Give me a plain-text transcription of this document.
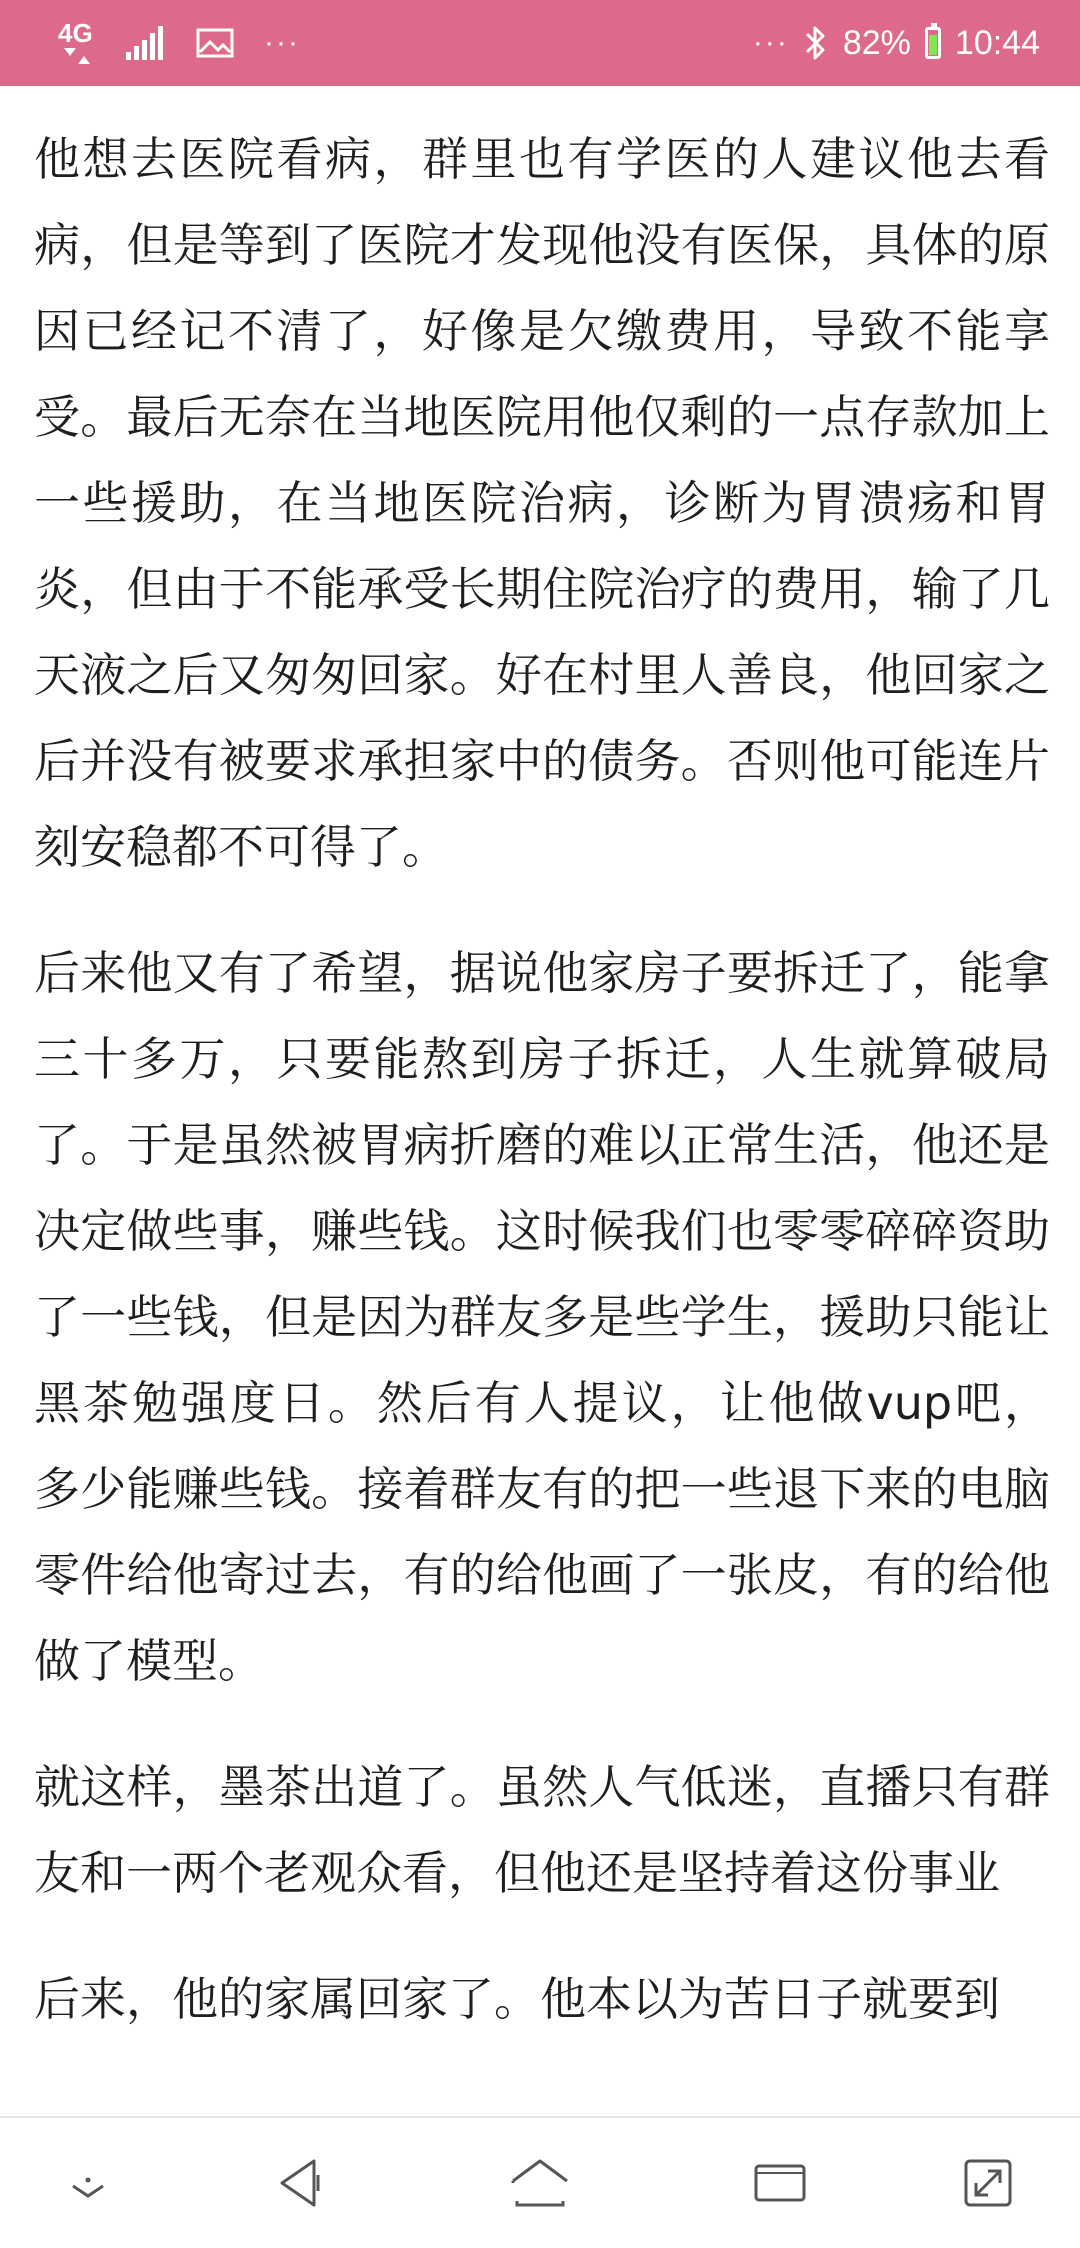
4G	···	··· 82% 10:44

他想去医院看病，群里也有学医的人建议他去看病，但是等到了医院才发现他没有医保，具体的原因已经记不清了，好像是欠缴费用，导致不能享受。最后无奈在当地医院用他仅剩的一点存款加上一些援助，在当地医院治病，诊断为胃溃疡和胃炎，但由于不能承受长期住院治疗的费用，输了几天液之后又匆匆回家。好在村里人善良，他回家之后并没有被要求承担家中的债务。否则他可能连片刻安稳都不可得了。

后来他又有了希望，据说他家房子要拆迁了，能拿三十多万，只要能熬到房子拆迁，人生就算破局了。于是虽然被胃病折磨的难以正常生活，他还是决定做些事，赚些钱。这时候我们也零零碎碎资助了一些钱，但是因为群友多是些学生，援助只能让黑茶勉强度日。然后有人提议，让他做vup吧， 多少能赚些钱。接着群友有的把一些退下来的电脑零件给他寄过去，有的给他画了一张皮，有的给他做了模型。

就这样，墨茶出道了。虽然人气低迷，直播只有群友和一两个老观众看，但他还是坚持着这份事业

后来，他的家属回家了。他本以为苦日子就要到
